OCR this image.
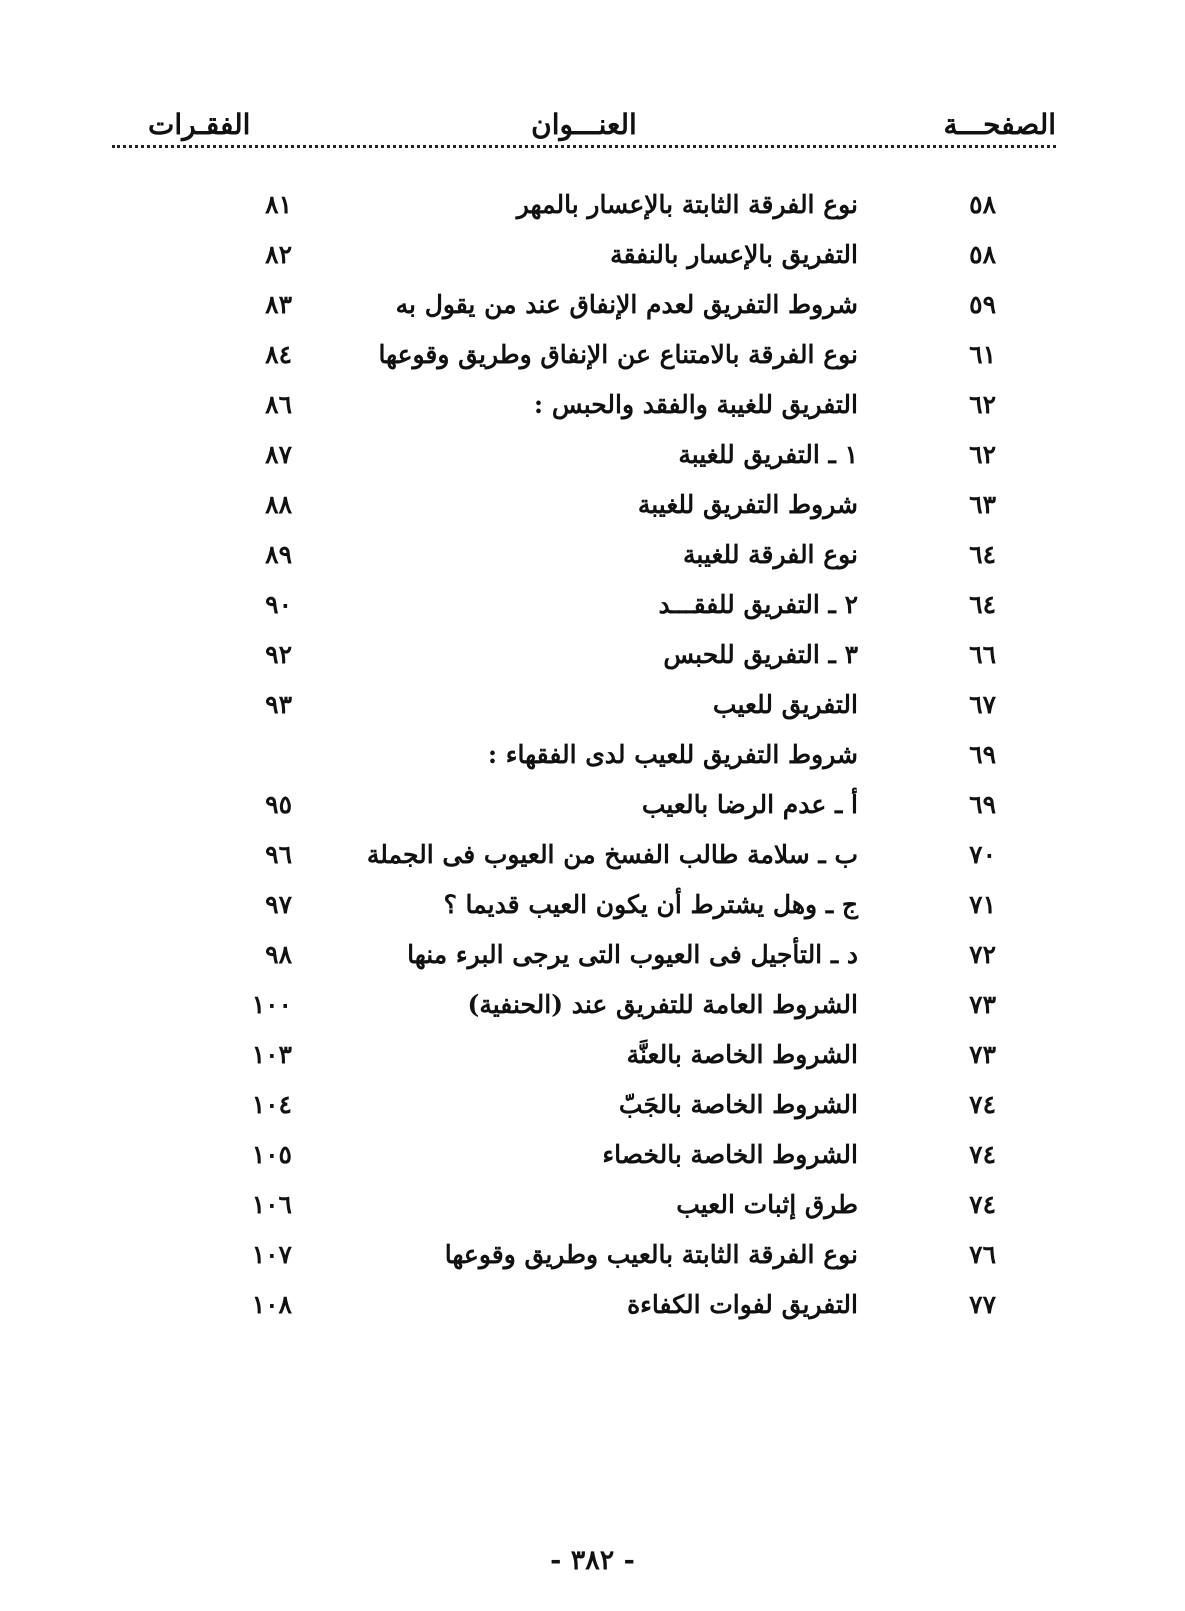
الصفحـــة
العنـــوان
الفقـرات
٥٨
نوع الفرقة الثابتة بالإعسار بالمهر
٨١
٥٨
التفريق بالإعسار بالنفقة
٨٢
٥٩
شروط التفريق لعدم الإنفاق عند من يقول به
٨٣
٦١
نوع الفرقة بالامتناع عن الإنفاق وطريق وقوعها
٨٤
٦٢
التفريق للغيبة والفقد والحبس :
٨٦
٦٢
١ ـ التفريق للغيبة
٨٧
٦٣
شروط التفريق للغيبة
٨٨
٦٤
نوع الفرقة للغيبة
٨٩
٦٤
٢ ـ التفريق للفقـــد
٩٠
٦٦
٣ ـ التفريق للحبس
٩٢
٦٧
التفريق للعيب
٩٣
٦٩
شروط التفريق للعيب لدى الفقهاء :
٦٩
أ ـ عدم الرضا بالعيب
٩٥
٧٠
ب ـ سلامة طالب الفسخ من العيوب فى الجملة
٩٦
٧١
ج ـ وهل يشترط أن يكون العيب قديما ؟
٩٧
٧٢
د ـ التأجيل فى العيوب التى يرجى البرء منها
٩٨
٧٣
الشروط العامة للتفريق عند (الحنفية)
١٠٠
٧٣
الشروط الخاصة بالعنَّة
١٠٣
٧٤
الشروط الخاصة بالجَبّ
١٠٤
٧٤
الشروط الخاصة بالخصاء
١٠٥
٧٤
طرق إثبات العيب
١٠٦
٧٦
نوع الفرقة الثابتة بالعيب وطريق وقوعها
١٠٧
٧٧
التفريق لفوات الكفاءة
١٠٨
- ٣٨٢ -
